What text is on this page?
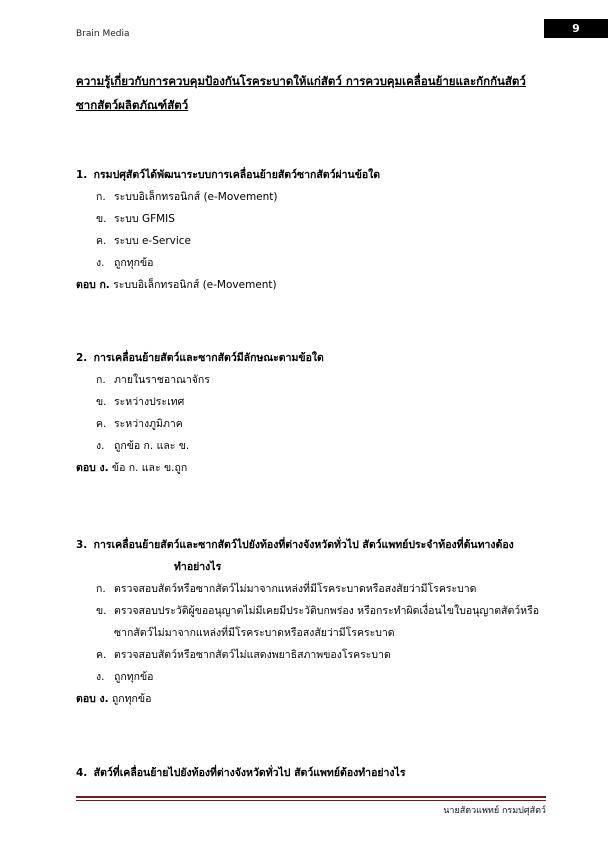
Brain Media	9
ความรู้เกี่ยวกับการควบคุมป้องกันโรคระบาดให้แก่สัตว์ การควบคุมเคลื่อนย้ายและกักกันสัตว์ ซากสัตว์ผลิตภัณฑ์สัตว์
1. กรมปศุสัตว์ได้พัฒนาระบบการเคลื่อนย้ายสัตว์ซากสัตว์ผ่านข้อใด
ก. ระบบอิเล็กทรอนิกส์ (e-Movement)
ข. ระบบ GFMIS
ค. ระบบ e-Service
ง. ถูกทุกข้อ
ตอบ ก. ระบบอิเล็กทรอนิกส์ (e-Movement)
2. การเคลื่อนย้ายสัตว์และซากสัตว์มีลักษณะตามข้อใด
ก. ภายในราชอาณาจักร
ข. ระหว่างประเทศ
ค. ระหว่างภูมิภาค
ง. ถูกข้อ ก. และ ข.
ตอบ ง. ข้อ ก. และ ข.ถูก
3. การเคลื่อนย้ายสัตว์และซากสัตว์ไปยังท้องที่ต่างจังหวัดทั่วไป สัตว์แพทย์ประจำท้องที่ต้นทางต้อง
ทำอย่างไร
ก. ตรวจสอบสัตว์หรือซากสัตว์ไม่มาจากแหล่งที่มีโรคระบาดหรือสงสัยว่ามีโรคระบาด
ข. ตรวจสอบประวัติผู้ขออนุญาตไม่มีเคยมีประวัติบกพร่อง หรือกระทำผิดเงื่อนไขใบอนุญาตสัตว์หรือซากสัตว์ไม่มาจากแหล่งที่มีโรคระบาดหรือสงสัยว่ามีโรคระบาด
ค. ตรวจสอบสัตว์หรือซากสัตว์ไม่แสดงพยาธิสภาพของโรคระบาด
ง. ถูกทุกข้อ
ตอบ ง. ถูกทุกข้อ
4. สัตว์ที่เคลื่อนย้ายไปยังท้องที่ต่างจังหวัดทั่วไป สัตว์แพทย์ต้องทำอย่างไร
นายสัตวแพทย์ กรมปศุสัตว์
